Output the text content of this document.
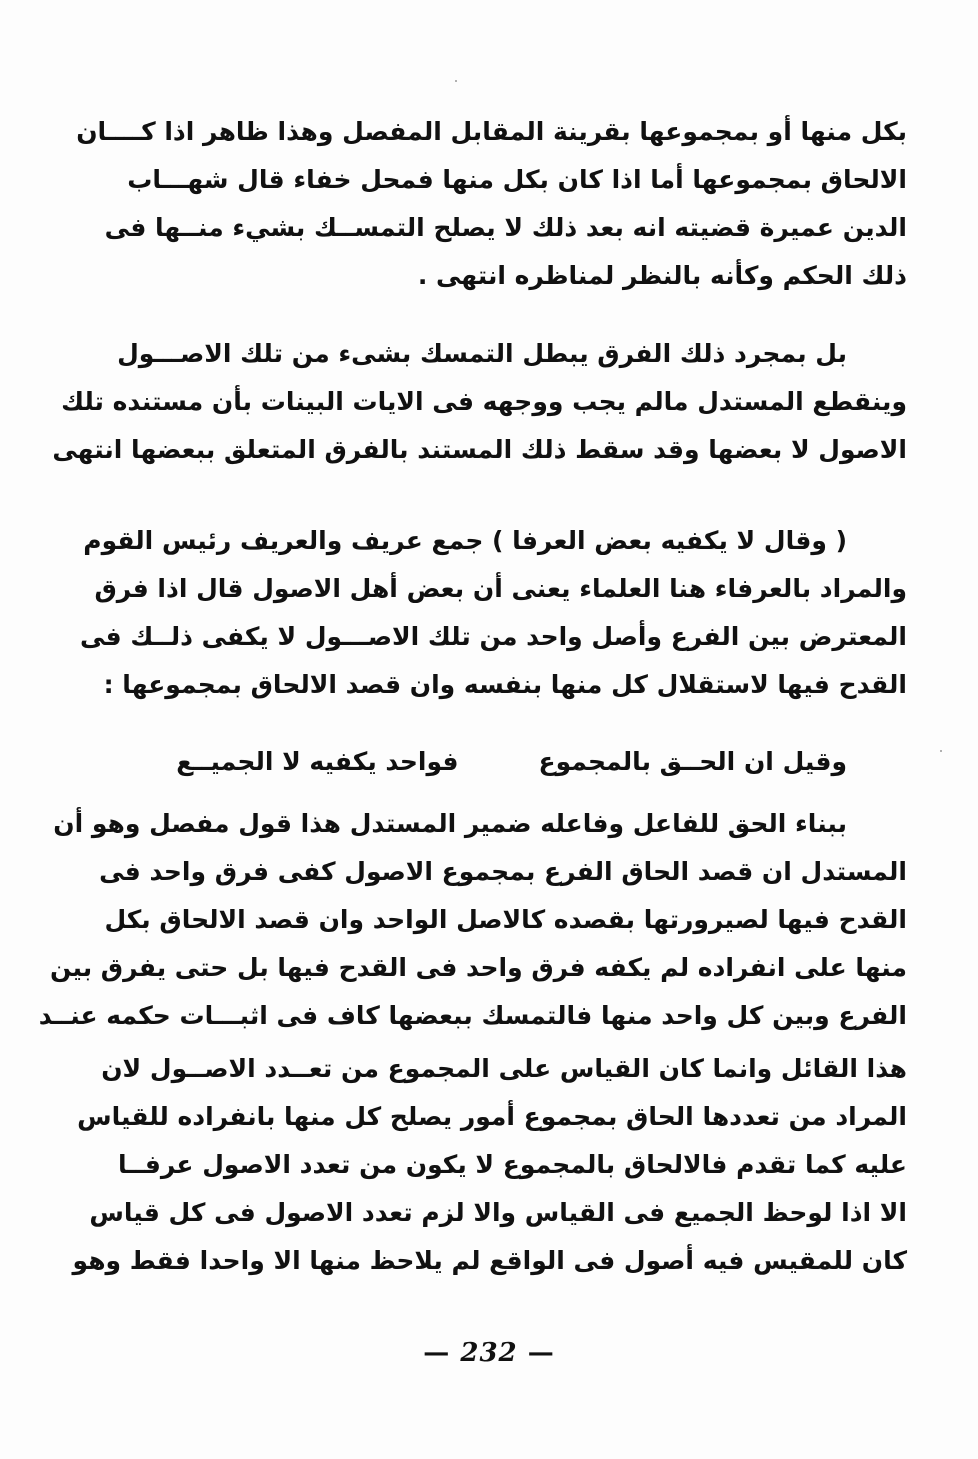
بكل منها أو بمجموعها بقرينة المقابل المفصل وهذا ظاهر اذا كــــان
الالحاق بمجموعها أما اذا كان بكل منها فمحل خفاء قال شهـــاب
الدين عميرة قضيته انه بعد ذلك لا يصلح التمســك بشيء منــها فى
ذلك الحكم وكأنه بالنظر لمناظره انتهى .
بل بمجرد ذلك الفرق يبطل التمسك بشىء من تلك الاصـــول
وينقطع المستدل مالم يجب ووجهه فى الايات البينات بأن مستنده تلك
الاصول لا بعضها وقد سقط ذلك المستند بالفرق المتعلق ببعضها انتهى
( وقال لا يكفيه بعض العرفا ) جمع عريف والعريف رئيس القوم
والمراد بالعرفاء هنا العلماء يعنى أن بعض أهل الاصول قال اذا فرق
المعترض بين الفرع وأصل واحد من تلك الاصـــول لا يكفى ذلــك فى
القدح فيها لاستقلال كل منها بنفسه وان قصد الالحاق بمجموعها :
وقيل ان الحــق بالمجموع
فواحد يكفيه لا الجميــع
ببناء الحق للفاعل وفاعله ضمير المستدل هذا قول مفصل وهو أن
المستدل ان قصد الحاق الفرع بمجموع الاصول كفى فرق واحد فى
القدح فيها لصيرورتها بقصده كالاصل الواحد وان قصد الالحاق بكل
منها على انفراده لم يكفه فرق واحد فى القدح فيها بل حتى يفرق بين
الفرع وبين كل واحد منها فالتمسك ببعضها كاف فى اثبـــات حكمه عنــد
هذا القائل وانما كان القياس على المجموع من تعــدد الاصــول لان
المراد من تعددها الحاق بمجموع أمور يصلح كل منها بانفراده للقياس
عليه كما تقدم فالالحاق بالمجموع لا يكون من تعدد الاصول عرفــا
الا اذا لوحظ الجميع فى القياس والا لزم تعدد الاصول فى كل قياس
كان للمقيس فيه أصول فى الواقع لم يلاحظ منها الا واحدا فقط وهو
— 232 —
